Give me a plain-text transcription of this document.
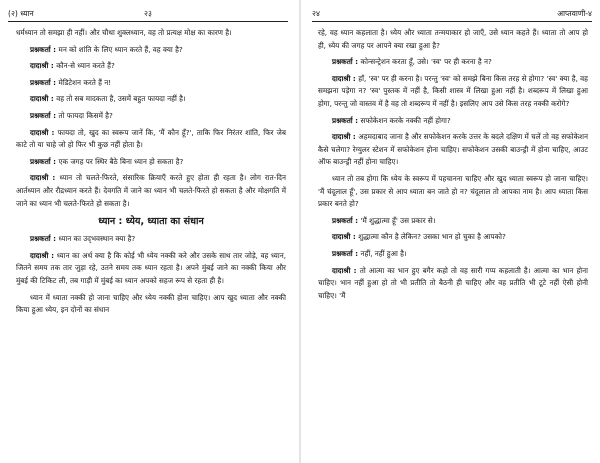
(२) ध्यान	२३

धर्मध्यान तो समझा ही नहीं। और चौथा शुक्लध्यान, वह तो प्रत्यक्ष मोक्ष का कारण है।

प्रश्नकर्ता : मन को शांति के लिए ध्यान करते हैं, वह क्या है?

दादाश्री : कौन-से ध्यान करते हैं?

प्रश्नकर्ता : मेडिटेशन करते हैं न!

दादाश्री : वह तो सब मादकता है, उसमें बहुत फायदा नहीं है।

प्रश्नकर्ता : तो फायदा किसमें है?

दादाश्री : फायदा तो, खुद का स्वरूप जानें कि, 'मैं कौन हूँ?', ताकि फिर निरंतर शांति, फिर जेब काटे तो या चाहे जो हो फिर भी कुछ नहीं होता है।

प्रश्नकर्ता : एक जगह पर स्थिर बैठे बिना ध्यान हो सकता है?

दादाश्री : ध्यान तो चलते-फिरते, संसारिक क्रियाएँ करते हुए होता ही रहता है। लोग रात-दिन आर्तध्यान और रौद्रध्यान करते हैं। देवगति में जाने का ध्यान भी चलते-फिरते हो सकता है और मोक्षगति में जाने का ध्यान भी चलते-फिरते हो सकता है।

ध्यान : ध्येय, ध्याता का संधान

प्रश्नकर्ता : ध्यान का उद्‌भवस्थान क्या है?

दादाश्री : ध्यान का अर्थ क्या है कि कोई भी ध्येय नक्की करे और उसके साथ तार जोड़े, वह ध्यान, जितने समय तक तार जुड़ा रहे, उतने समय तक ध्यान रहता है। अपने मुंबई जाने का नक्की किया और मुंबई की टिकिट ली, तब गाड़ी में मुंबई का ध्यान अपको सहज रूप से रहता ही है।

ध्यान में ध्याता नक्की हो जाना चाहिए और ध्येय नक्की होना चाहिए। आप खुद ध्याता और नक्की किया हुआ ध्येय, इन दोनों का संधान

२४	आप्तवाणी-४

रहे, वह ध्यान कहलाता है। ध्येय और ध्याता तन्मयाकार हो जाएँ, उसे ध्यान कहते हैं। ध्याता तो आप हो ही, ध्येय की जगह पर आपने क्या रखा हुआ है?

प्रश्नकर्ता : कोन्सन्ट्रेशन करता हूँ, उसे। 'स्व' पर ही करना है न?

दादाश्री : हाँ, 'स्व' पर ही करना है। परन्तु 'स्व' को समझे बिना किस तरह से होगा? 'स्व' क्या है, वह समझना पड़ेगा न? 'स्व' पुस्तक में नहीं है, किसी शास्त्र में लिखा हुआ नहीं है। शब्दरूप में लिखा हुआ होगा, परन्तु जो वास्तव में है वह तो शब्दरूप में नहीं है। इसलिए आप उसे किस तरह नक्की करोगे?

प्रश्नकर्ता : सफोकेशन करके नक्की नहीं होगा?

दादाश्री : अहमदाबाद जाना है और सफोकेशन करके उत्तर के बदले दक्षिण में चलें तो वह सफोकेशन कैसे चलेगा? रेग्युलर स्टेशन में सफोकेशन होना चाहिए। सफोकेशन उसकी बाउन्ड्री में होना चाहिए, आउट ऑफ बाउन्ड्री नहीं होना चाहिए।

ध्यान तो तब होगा कि ध्येय के स्वरूप में पहचानना चाहिए और खुद ध्याता स्वरूप हो जाना चाहिए। 'मैं चंदूलाल हूँ', उस प्रकार से आप ध्याता बन जाते हो न? चंदूलाल तो आपका नाम है। आप ध्याता किस प्रकार बनते हो?

प्रश्नकर्ता : 'मैं शुद्धात्मा हूँ' उस प्रकार से।

दादाश्री : शुद्धात्मा कौन है लेकिन? उसका भान हो चुका है आपको?

प्रश्नकर्ता : नहीं, नहीं हुआ है।

दादाश्री : तो आत्मा का भान हुए बगैर कहो तो वह सारी गप्प कहलाती है। आत्मा का भान होना चाहिए। भान नहीं हुआ हो तो भी प्रतीति तो बैठनी ही चाहिए और वह प्रतीति भी टूटे नहीं ऐसी होनी चाहिए। 'मैं
